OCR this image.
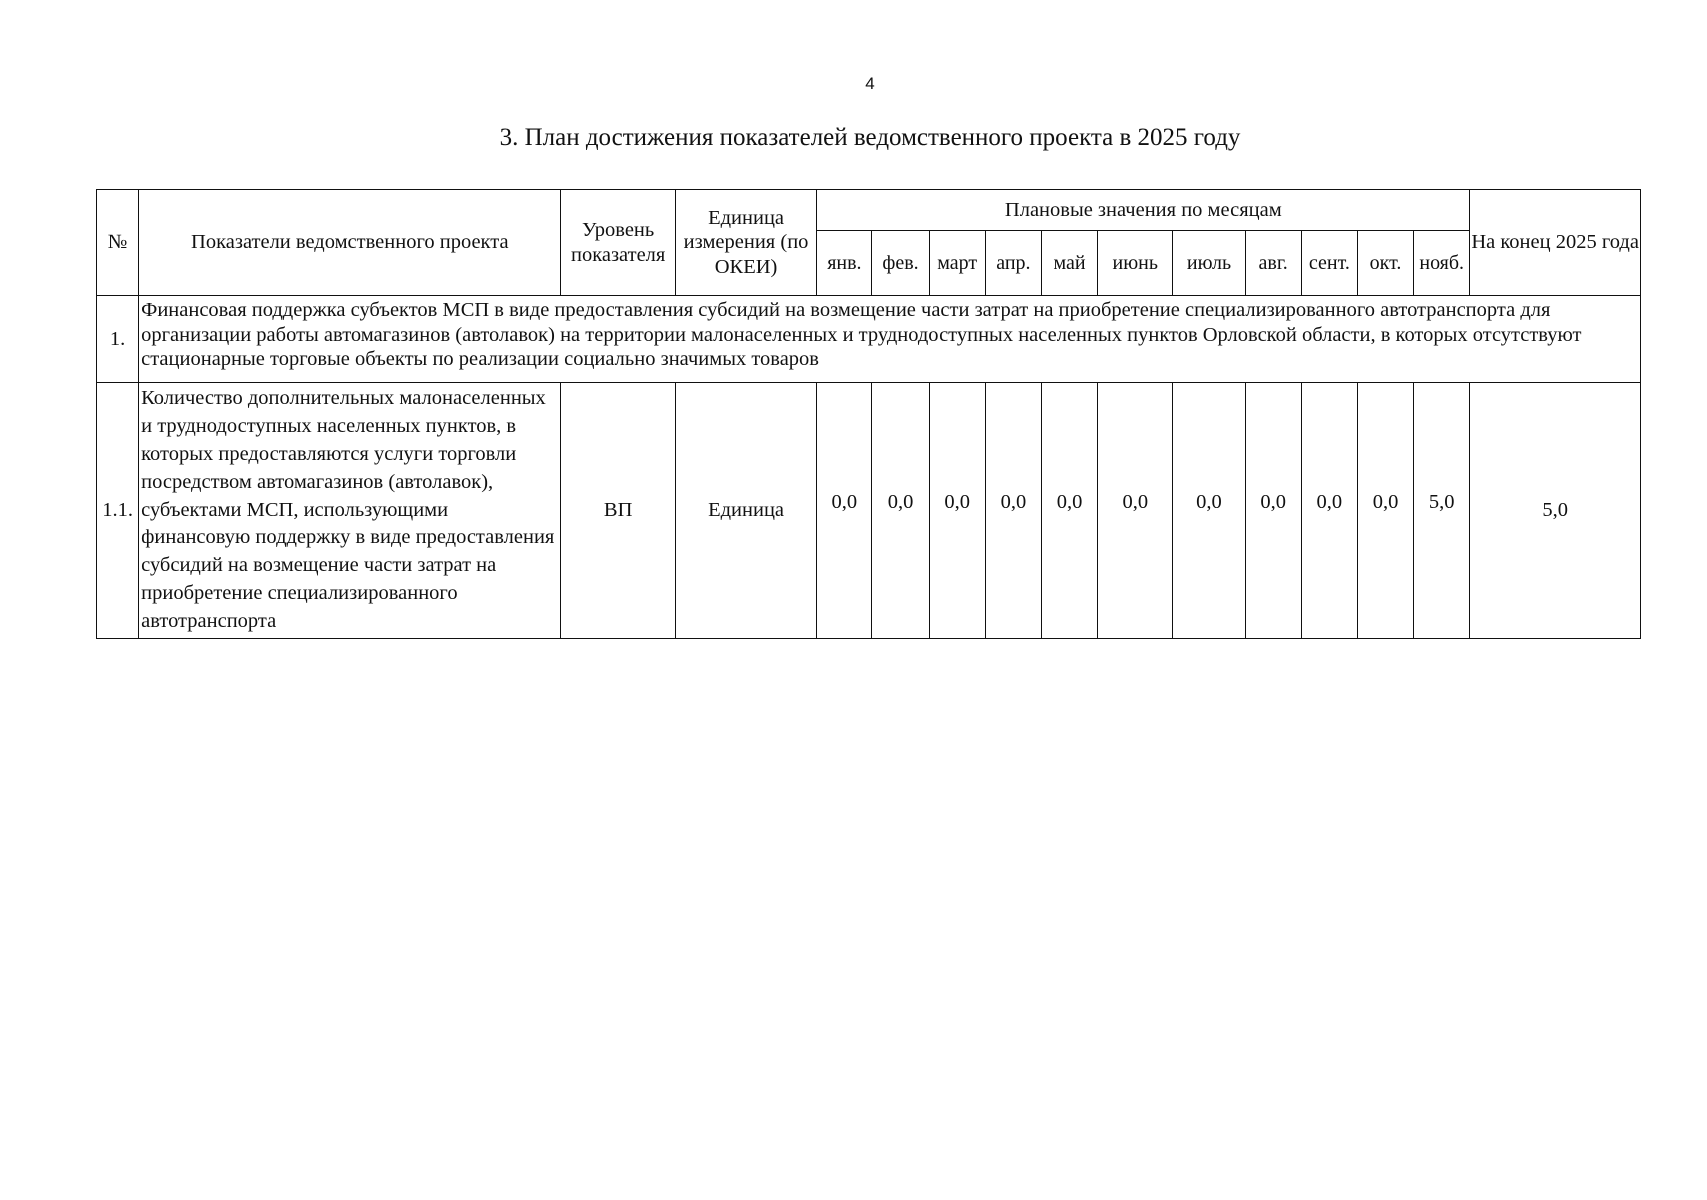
4
3. План достижения показателей ведомственного проекта в 2025 году
№	Показатели ведомственного проекта	Уровень показателя	Единица измерения (по ОКЕИ)	Плановые значения по месяцам											На конец 2025 года
				янв.	фев.	март	апр.	май	июнь	июль	авг.	сент.	окт.	нояб.	
1.	Финансовая поддержка субъектов МСП в виде предоставления субсидий на возмещение части затрат на приобретение специализированного автотранспорта для организации работы автомагазинов (автолавок) на территории малонаселенных и труднодоступных населенных пунктов Орловской области, в которых отсутствуют стационарные торговые объекты по реализации социально значимых товаров														
1.1.	Количество дополнительных малонаселенных и труднодоступных населенных пунктов, в которых предоставляются услуги торговли посредством автомагазинов (автолавок), субъектами МСП, использующими финансовую поддержку в виде предоставления субсидий на возмещение части затрат на приобретение специализированного автотранспорта	ВП	Единица	0,0	0,0	0,0	0,0	0,0	0,0	0,0	0,0	0,0	0,0	5,0	5,0
